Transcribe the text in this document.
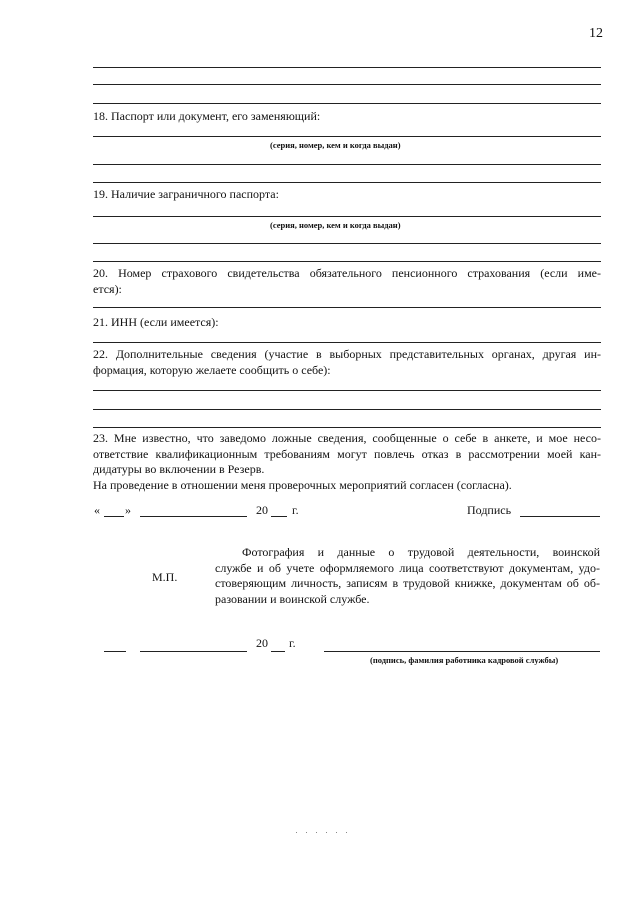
12
18. Паспорт или документ, его заменяющий:
(серия, номер, кем и когда выдан)
19. Наличие заграничного паспорта:
(серия, номер, кем и когда выдан)
20. Номер страхового свидетельства обязательного пенсионного страхования (если име-
ется):
21. ИНН (если имеется):
22. Дополнительные сведения (участие в выборных представительных органах, другая ин-
формация, которую желаете сообщить о себе):
23. Мне известно, что заведомо ложные сведения, сообщенные о себе в анкете, и мое несо-
ответствие квалификационным требованиям могут повлечь отказ в рассмотрении моей кан-
дидатуры во включении в Резерв.
На проведение в отношении меня проверочных мероприятий согласен (согласна).
« »	20 г.	Подпись
М.П.
Фотография и данные о трудовой деятельности, воинской
службе и об учете оформляемого лица соответствуют документам, удо-
стоверяющим личность, записям в трудовой книжке, документам об об-
разовании и воинской службе.
20 г.
(подпись, фамилия работника кадровой службы)
